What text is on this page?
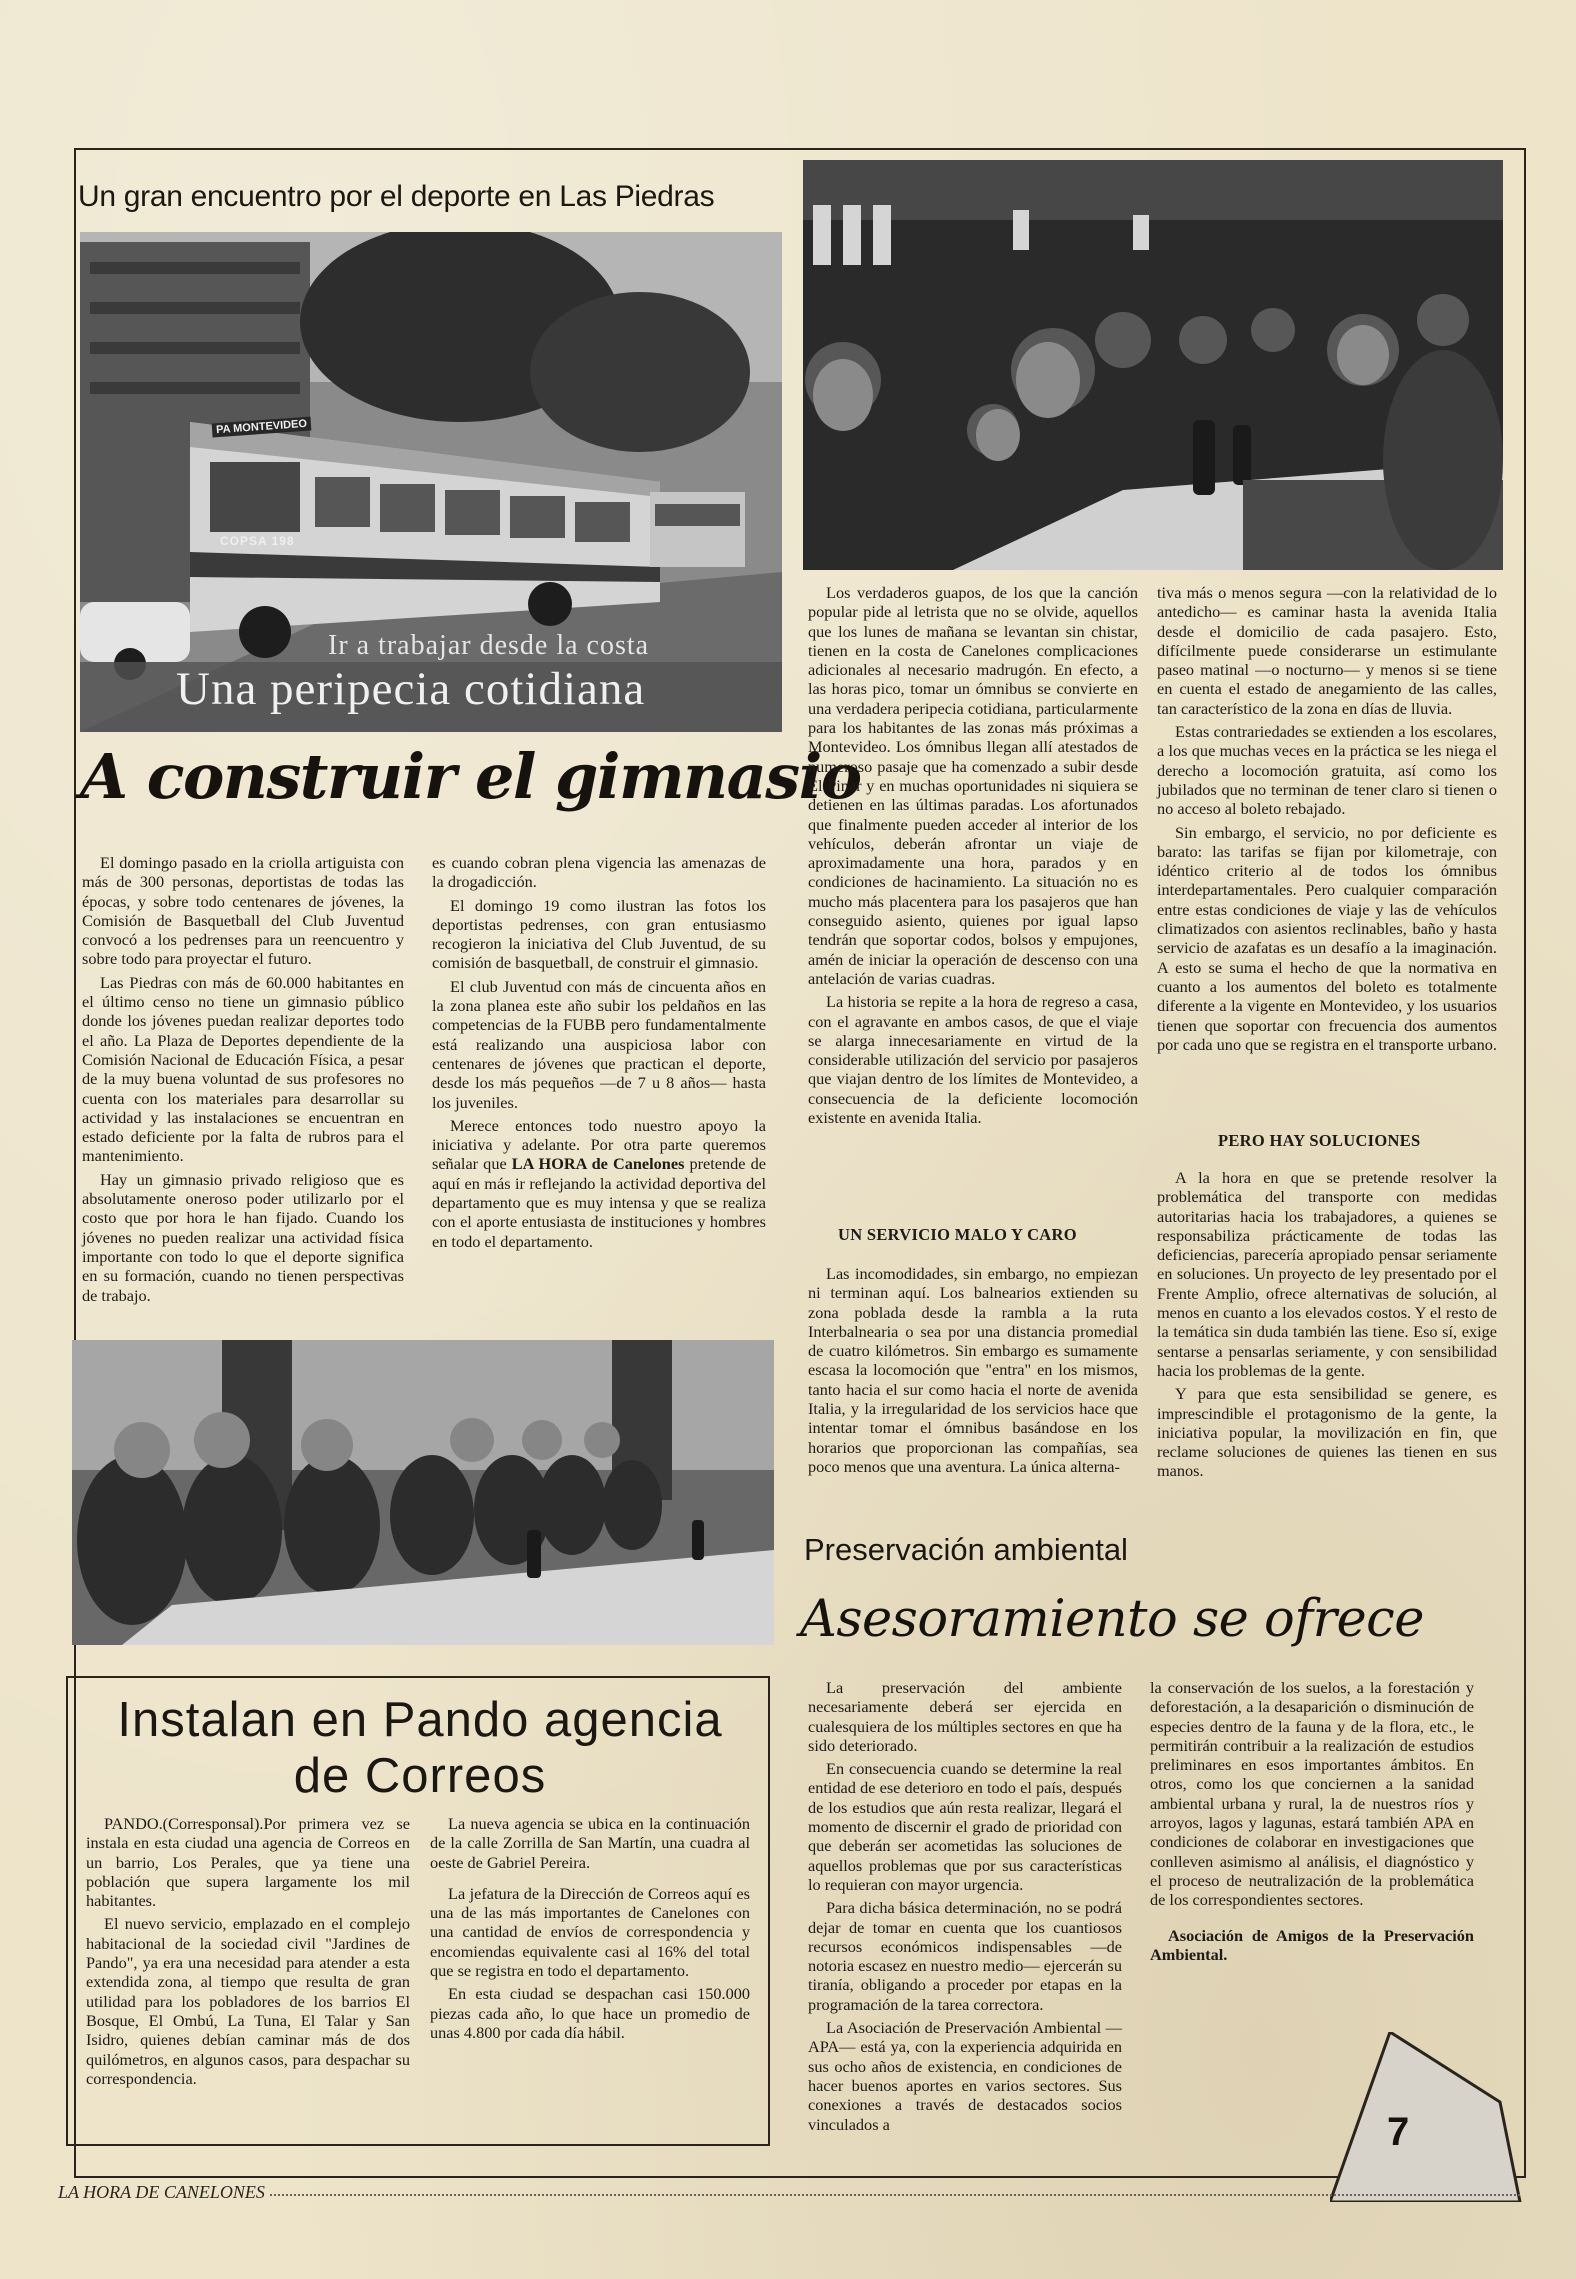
Un gran encuentro por el deporte en Las Piedras
PA MONTEVIDEO
COPSA 198
Ir a trabajar desde la costa
Una peripecia cotidiana
A construir el gimnasio

El domingo pasado en la criolla artiguista con más de 300 personas, deportistas de todas las épocas, y sobre todo centenares de jóvenes, la Comisión de Basquetball del Club Juventud convocó a los pedrenses para un reencuentro y sobre todo para proyectar el futuro.

Las Piedras con más de 60.000 habitantes en el último censo no tiene un gimnasio público donde los jóvenes puedan realizar deportes todo el año. La Plaza de Deportes dependiente de la Comisión Nacional de Educación Física, a pesar de la muy buena voluntad de sus profesores no cuenta con los materiales para desarrollar su actividad y las instalaciones se encuentran en estado deficiente por la falta de rubros para el mantenimiento.

Hay un gimnasio privado religioso que es absolutamente oneroso poder utilizarlo por el costo que por hora le han fijado. Cuando los jóvenes no pueden realizar una actividad física importante con todo lo que el deporte significa en su formación, cuando no tienen perspectivas de trabajo.

es cuando cobran plena vigencia las amenazas de la drogadicción.

El domingo 19 como ilustran las fotos los deportistas pedrenses, con gran entusiasmo recogieron la iniciativa del Club Juventud, de su comisión de basquetball, de construir el gimnasio.

El club Juventud con más de cincuenta años en la zona planea este año subir los peldaños en las competencias de la FUBB pero fundamentalmente está realizando una auspiciosa labor con centenares de jóvenes que practican el deporte, desde los más pequeños —de 7 u 8 años— hasta los juveniles.

Merece entonces todo nuestro apoyo la iniciativa y adelante. Por otra parte queremos señalar que LA HORA de Canelones pretende de aquí en más ir reflejando la actividad deportiva del departamento que es muy intensa y que se realiza con el aporte entusiasta de instituciones y hombres en todo el departamento.

Los verdaderos guapos, de los que la canción popular pide al letrista que no se olvide, aquellos que los lunes de mañana se levantan sin chistar, tienen en la costa de Canelones complicaciones adicionales al necesario madrugón. En efecto, a las horas pico, tomar un ómnibus se convierte en una verdadera peripecia cotidiana, particularmente para los habitantes de las zonas más próximas a Montevideo. Los ómnibus llegan allí atestados de numeroso pasaje que ha comenzado a subir desde El Pinar y en muchas oportunidades ni siquiera se detienen en las últimas paradas. Los afortunados que finalmente pueden acceder al interior de los vehículos, deberán afrontar un viaje de aproximadamente una hora, parados y en condiciones de hacinamiento. La situación no es mucho más placentera para los pasajeros que han conseguido asiento, quienes por igual lapso tendrán que soportar codos, bolsos y empujones, amén de iniciar la operación de descenso con una antelación de varias cuadras.

La historia se repite a la hora de regreso a casa, con el agravante en ambos casos, de que el viaje se alarga innecesariamente en virtud de la considerable utilización del servicio por pasajeros que viajan dentro de los límites de Montevideo, a consecuencia de la deficiente locomoción existente en avenida Italia.

UN SERVICIO MALO Y CARO

Las incomodidades, sin embargo, no empiezan ni terminan aquí. Los balnearios extienden su zona poblada desde la rambla a la ruta Interbalnearia o sea por una distancia promedial de cuatro kilómetros. Sin embargo es sumamente escasa la locomoción que "entra" en los mismos, tanto hacia el sur como hacia el norte de avenida Italia, y la irregularidad de los servicios hace que intentar tomar el ómnibus basándose en los horarios que proporcionan las compañías, sea poco menos que una aventura. La única alterna-

tiva más o menos segura —con la relatividad de lo antedicho— es caminar hasta la avenida Italia desde el domicilio de cada pasajero. Esto, difícilmente puede considerarse un estimulante paseo matinal —o nocturno— y menos si se tiene en cuenta el estado de anegamiento de las calles, tan característico de la zona en días de lluvia.

Estas contrariedades se extienden a los escolares, a los que muchas veces en la práctica se les niega el derecho a locomoción gratuita, así como los jubilados que no terminan de tener claro si tienen o no acceso al boleto rebajado.

Sin embargo, el servicio, no por deficiente es barato: las tarifas se fijan por kilometraje, con idéntico criterio al de todos los ómnibus interdepartamentales. Pero cualquier comparación entre estas condiciones de viaje y las de vehículos climatizados con asientos reclinables, baño y hasta servicio de azafatas es un desafío a la imaginación. A esto se suma el hecho de que la normativa en cuanto a los aumentos del boleto es totalmente diferente a la vigente en Montevideo, y los usuarios tienen que soportar con frecuencia dos aumentos por cada uno que se registra en el transporte urbano.

PERO HAY SOLUCIONES

A la hora en que se pretende resolver la problemática del transporte con medidas autoritarias hacia los trabajadores, a quienes se responsabiliza prácticamente de todas las deficiencias, parecería apropiado pensar seriamente en soluciones. Un proyecto de ley presentado por el Frente Amplio, ofrece alternativas de solución, al menos en cuanto a los elevados costos. Y el resto de la temática sin duda también las tiene. Eso sí, exige sentarse a pensarlas seriamente, y con sensibilidad hacia los problemas de la gente.

Y para que esta sensibilidad se genere, es imprescindible el protagonismo de la gente, la iniciativa popular, la movilización en fin, que reclame soluciones de quienes las tienen en sus manos.

Instalan en Pando agencia de Correos

PANDO.(Corresponsal).Por primera vez se instala en esta ciudad una agencia de Correos en un barrio, Los Perales, que ya tiene una población que supera largamente los mil habitantes.

El nuevo servicio, emplazado en el complejo habitacional de la sociedad civil "Jardines de Pando", ya era una necesidad para atender a esta extendida zona, al tiempo que resulta de gran utilidad para los pobladores de los barrios El Bosque, El Ombú, La Tuna, El Talar y San Isidro, quienes debían caminar más de dos quilómetros, en algunos casos, para despachar su correspondencia.

La nueva agencia se ubica en la continuación de la calle Zorrilla de San Martín, una cuadra al oeste de Gabriel Pereira.

La jefatura de la Dirección de Correos aquí es una de las más importantes de Canelones con una cantidad de envíos de correspondencia y encomiendas equivalente casi al 16% del total que se registra en todo el departamento.

En esta ciudad se despachan casi 150.000 piezas cada año, lo que hace un promedio de unas 4.800 por cada día hábil.

Preservación ambiental
Asesoramiento se ofrece

La preservación del ambiente necesariamente deberá ser ejercida en cualesquiera de los múltiples sectores en que ha sido deteriorado.

En consecuencia cuando se determine la real entidad de ese deterioro en todo el país, después de los estudios que aún resta realizar, llegará el momento de discernir el grado de prioridad con que deberán ser acometidas las soluciones de aquellos problemas que por sus características lo requieran con mayor urgencia.

Para dicha básica determinación, no se podrá dejar de tomar en cuenta que los cuantiosos recursos económicos indispensables —de notoria escasez en nuestro medio— ejercerán su tiranía, obligando a proceder por etapas en la programación de la tarea correctora.

La Asociación de Preservación Ambiental —APA— está ya, con la experiencia adquirida en sus ocho años de existencia, en condiciones de hacer buenos aportes en varios sectores. Sus conexiones a través de destacados socios vinculados a

la conservación de los suelos, a la forestación y deforestación, a la desaparición o disminución de especies dentro de la fauna y de la flora, etc., le permitirán contribuir a la realización de estudios preliminares en esos importantes ámbitos. En otros, como los que conciernen a la sanidad ambiental urbana y rural, la de nuestros ríos y arroyos, lagos y lagunas, estará también APA en condiciones de colaborar en investigaciones que conlleven asimismo al análisis, el diagnóstico y el proceso de neutralización de la problemática de los correspondientes sectores.

Asociación de Amigos de la Preservación Ambiental.

7
LA HORA DE CANELONES
